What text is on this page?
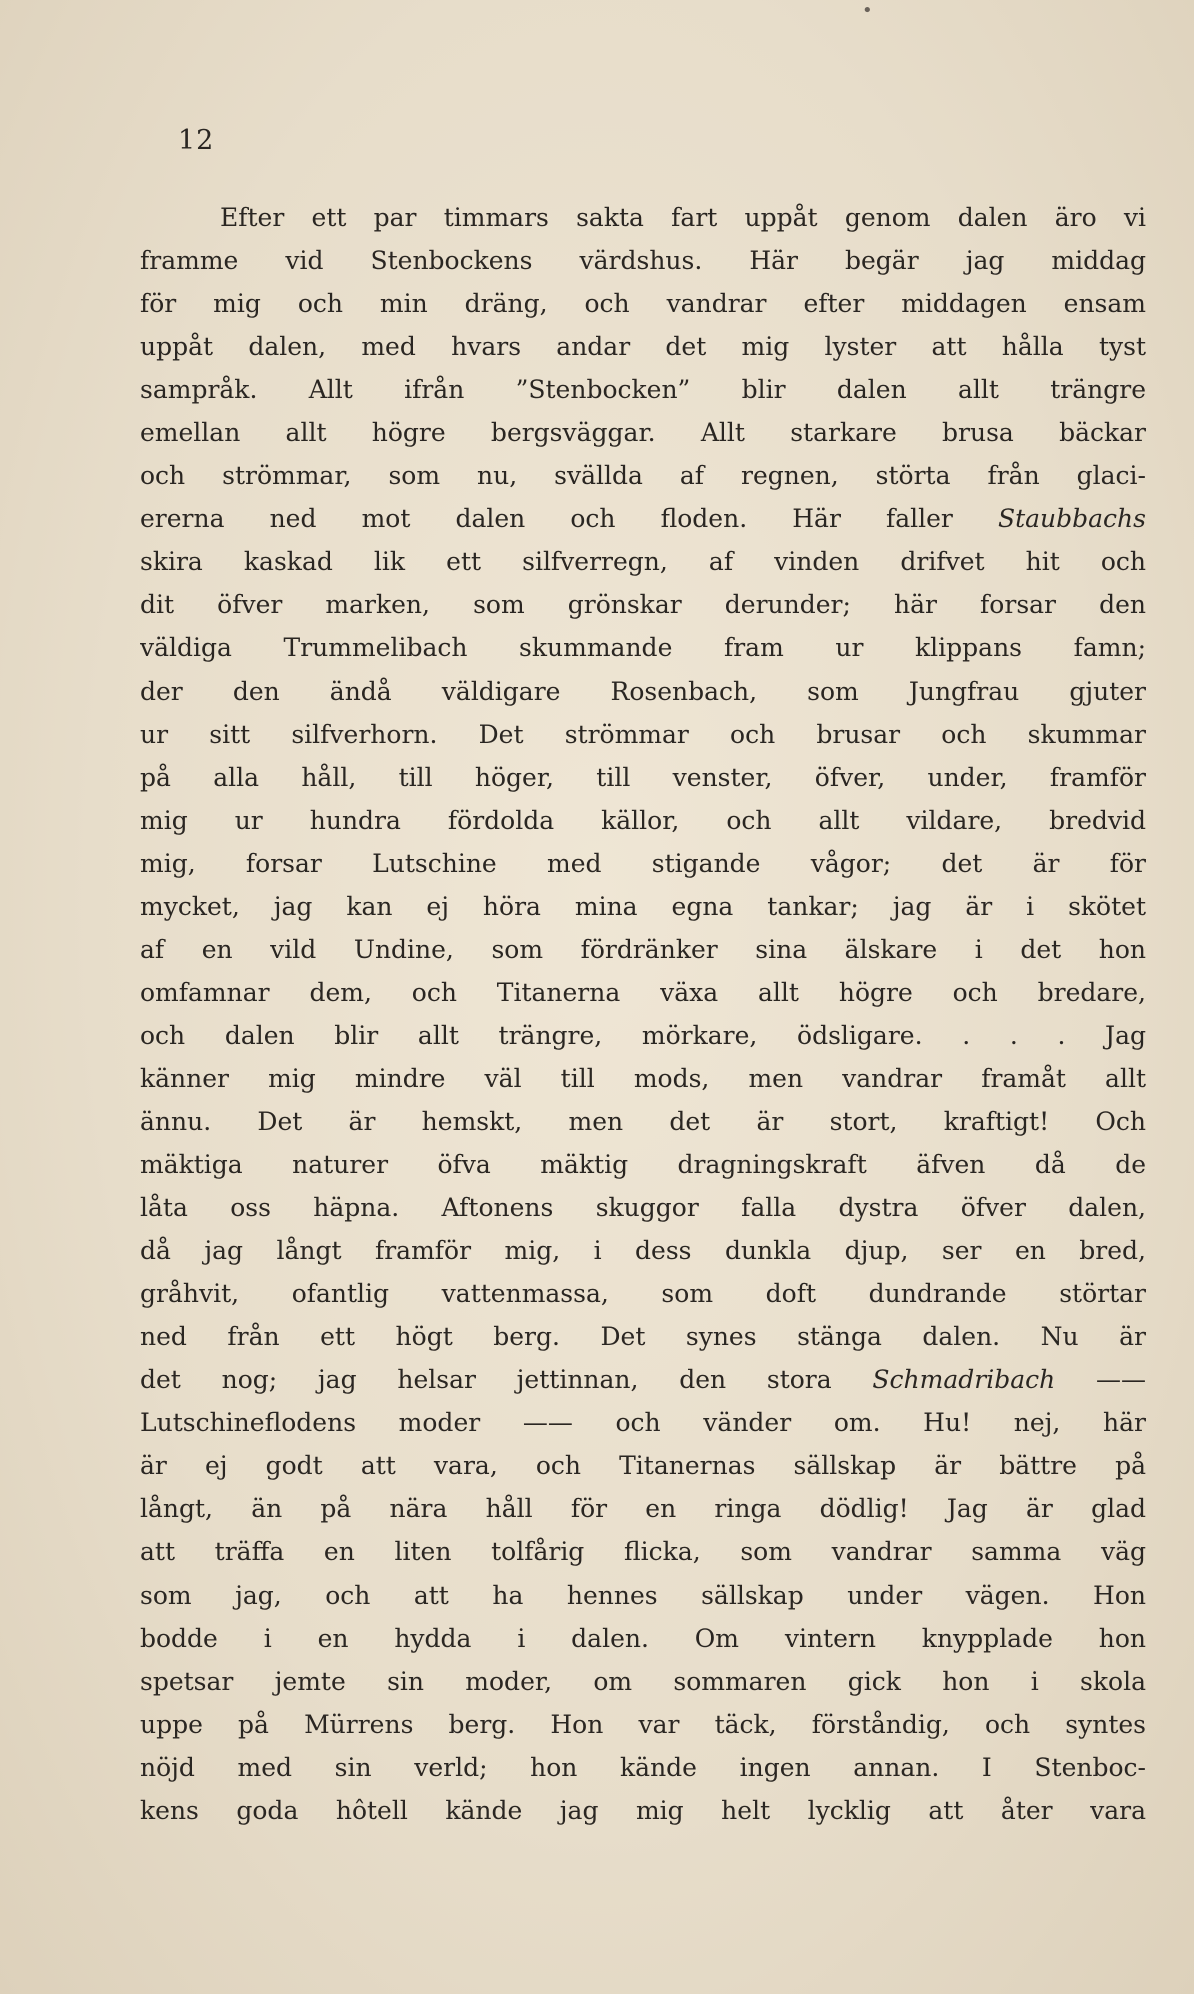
•
12
Efter ett par timmars sakta fart uppåt genom dalen äro vi
framme vid Stenbockens värdshus. Här begär jag middag
för mig och min dräng, och vandrar efter middagen ensam
uppåt dalen, med hvars andar det mig lyster att hålla tyst
sampråk. Allt ifrån ”Stenbocken” blir dalen allt trängre
emellan allt högre bergsväggar. Allt starkare brusa bäckar
och strömmar, som nu, svällda af regnen, störta från glaci-
ererna ned mot dalen och floden. Här faller Staubbachs
skira kaskad lik ett silfverregn, af vinden drifvet hit och
dit öfver marken, som grönskar derunder; här forsar den
väldiga Trummelibach skummande fram ur klippans famn;
der den ändå väldigare Rosenbach, som Jungfrau gjuter
ur sitt silfverhorn. Det strömmar och brusar och skummar
på alla håll, till höger, till venster, öfver, under, framför
mig ur hundra fördolda källor, och allt vildare, bredvid
mig, forsar Lutschine med stigande vågor; det är för
mycket, jag kan ej höra mina egna tankar; jag är i skötet
af en vild Undine, som fördränker sina älskare i det hon
omfamnar dem, och Titanerna växa allt högre och bredare,
och dalen blir allt trängre, mörkare, ödsligare. . . . Jag
känner mig mindre väl till mods, men vandrar framåt allt
ännu. Det är hemskt, men det är stort, kraftigt! Och
mäktiga naturer öfva mäktig dragningskraft äfven då de
låta oss häpna. Aftonens skuggor falla dystra öfver dalen,
då jag långt framför mig, i dess dunkla djup, ser en bred,
gråhvit, ofantlig vattenmassa, som doft dundrande störtar
ned från ett högt berg. Det synes stänga dalen. Nu är
det nog; jag helsar jettinnan, den stora Schmadribach ——
Lutschineflodens moder —— och vänder om. Hu! nej, här
är ej godt att vara, och Titanernas sällskap är bättre på
långt, än på nära håll för en ringa dödlig! Jag är glad
att träffa en liten tolfårig flicka, som vandrar samma väg
som jag, och att ha hennes sällskap under vägen. Hon
bodde i en hydda i dalen. Om vintern knypplade hon
spetsar jemte sin moder, om sommaren gick hon i skola
uppe på Mürrens berg. Hon var täck, förståndig, och syntes
nöjd med sin verld; hon kände ingen annan. I Stenboc-
kens goda hôtell kände jag mig helt lycklig att åter vara
